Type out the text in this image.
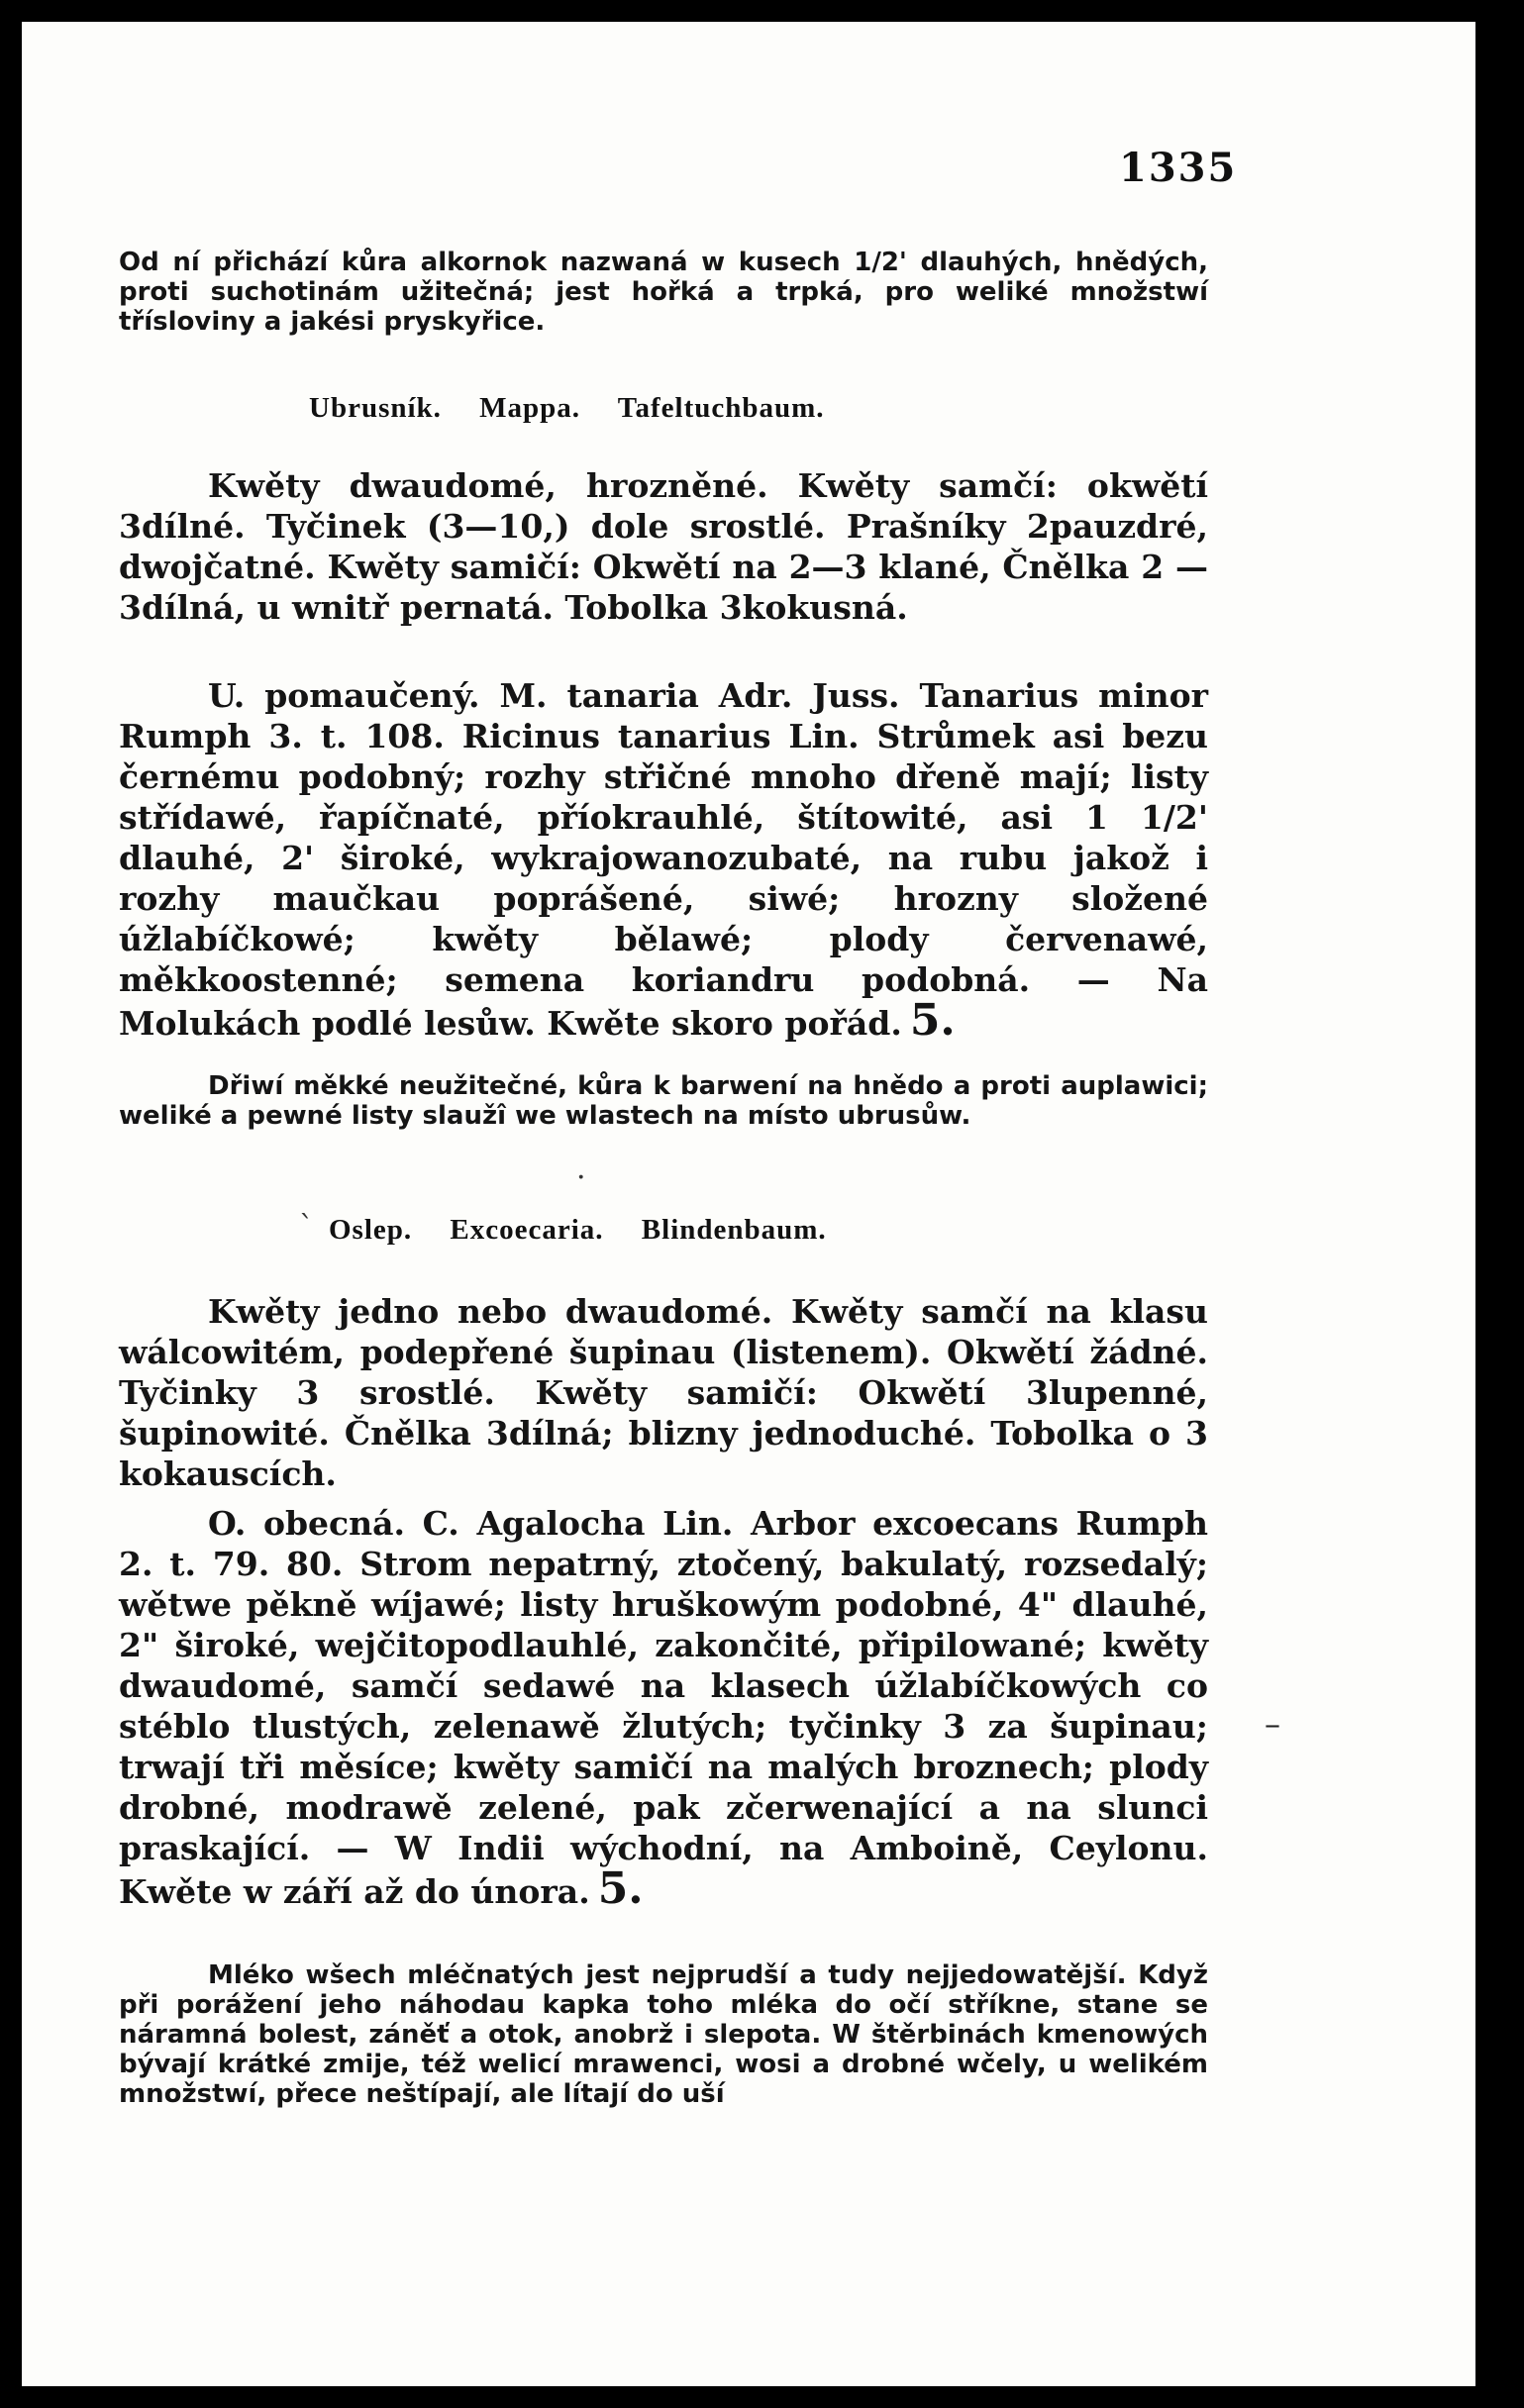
1335
Od ní přichází kůra alkornok nazwaná w kusech 1/2' dlauhých, hnědých, proti suchotinám užitečná; jest hořká a trpká, pro weliké množstwí třísloviny a jakési pryskyřice.
Ubrusník. Mappa. Tafeltuchbaum.
Kwěty dwaudomé, hrozněné. Kwěty samčí: okwětí 3dílné. Tyčinek (3—10,) dole srostlé. Prašníky 2pauzdré, dwojčatné. Kwěty samičí: Okwětí na 2—3 klané, Čnělka 2 — 3dílná, u wnitř pernatá. Tobolka 3kokusná.
U. pomaučený. M. tanaria Adr. Juss. Tanarius minor Rumph 3. t. 108. Ricinus tanarius Lin. Strůmek asi bezu černému podobný; rozhy střičné mnoho dřeně mají; listy střídawé, řapíčnaté, příokrauhlé, štítowité, asi 1 1/2' dlauhé, 2' široké, wykrajowanozubaté, na rubu jakož i rozhy maučkau poprášené, siwé; hrozny složené úžlabíčkowé; kwěty bělawé; plody červenawé, měkkoostenné; semena koriandru podobná. — Na Molukách podlé lesůw. Kwěte skoro pořád. 5.
Dřiwí měkké neužitečné, kůra k barwení na hnědo a proti auplawici; weliké a pewné listy slaužî we wlastech na místo ubrusůw.
·
` Oslep. Excoecaria. Blindenbaum.
Kwěty jedno nebo dwaudomé. Kwěty samčí na klasu wálcowitém, podepřené šupinau (listenem). Okwětí žádné. Tyčinky 3 srostlé. Kwěty samičí: Okwětí 3lupenné, šupinowité. Čnělka 3dílná; blizny jednoduché. Tobolka o 3 kokauscích.
O. obecná. C. Agalocha Lin. Arbor excoecans Rumph 2. t. 79. 80. Strom nepatrný, ztočený, bakulatý, rozsedalý; wětwe pěkně wíjawé; listy hruškowým podobné, 4" dlauhé, 2" široké, wejčitopodlauhlé, zakončité, připilowané; kwěty dwaudomé, samčí sedawé na klasech úžlabíčkowých co stéblo tlustých, zelenawě žlutých; tyčinky 3 za šupinau; trwají tři měsíce; kwěty samičí na malých broznech; plody drobné, modrawě zelené, pak zčerwenající a na slunci praskající. — W Indii wýchodní, na Amboině, Ceylonu. Kwěte w září až do února. 5.
–
Mléko wšech mléčnatých jest nejprudší a tudy nejjedowatější. Když při porážení jeho náhodau kapka toho mléka do očí stříkne, stane se náramná bolest, záněť a otok, anobrž i slepota. W štěrbinách kmenowých bývají krátké zmije, též welicí mrawenci, wosi a drobné wčely, u welikém množstwí, přece neštípají, ale lítají do uší
